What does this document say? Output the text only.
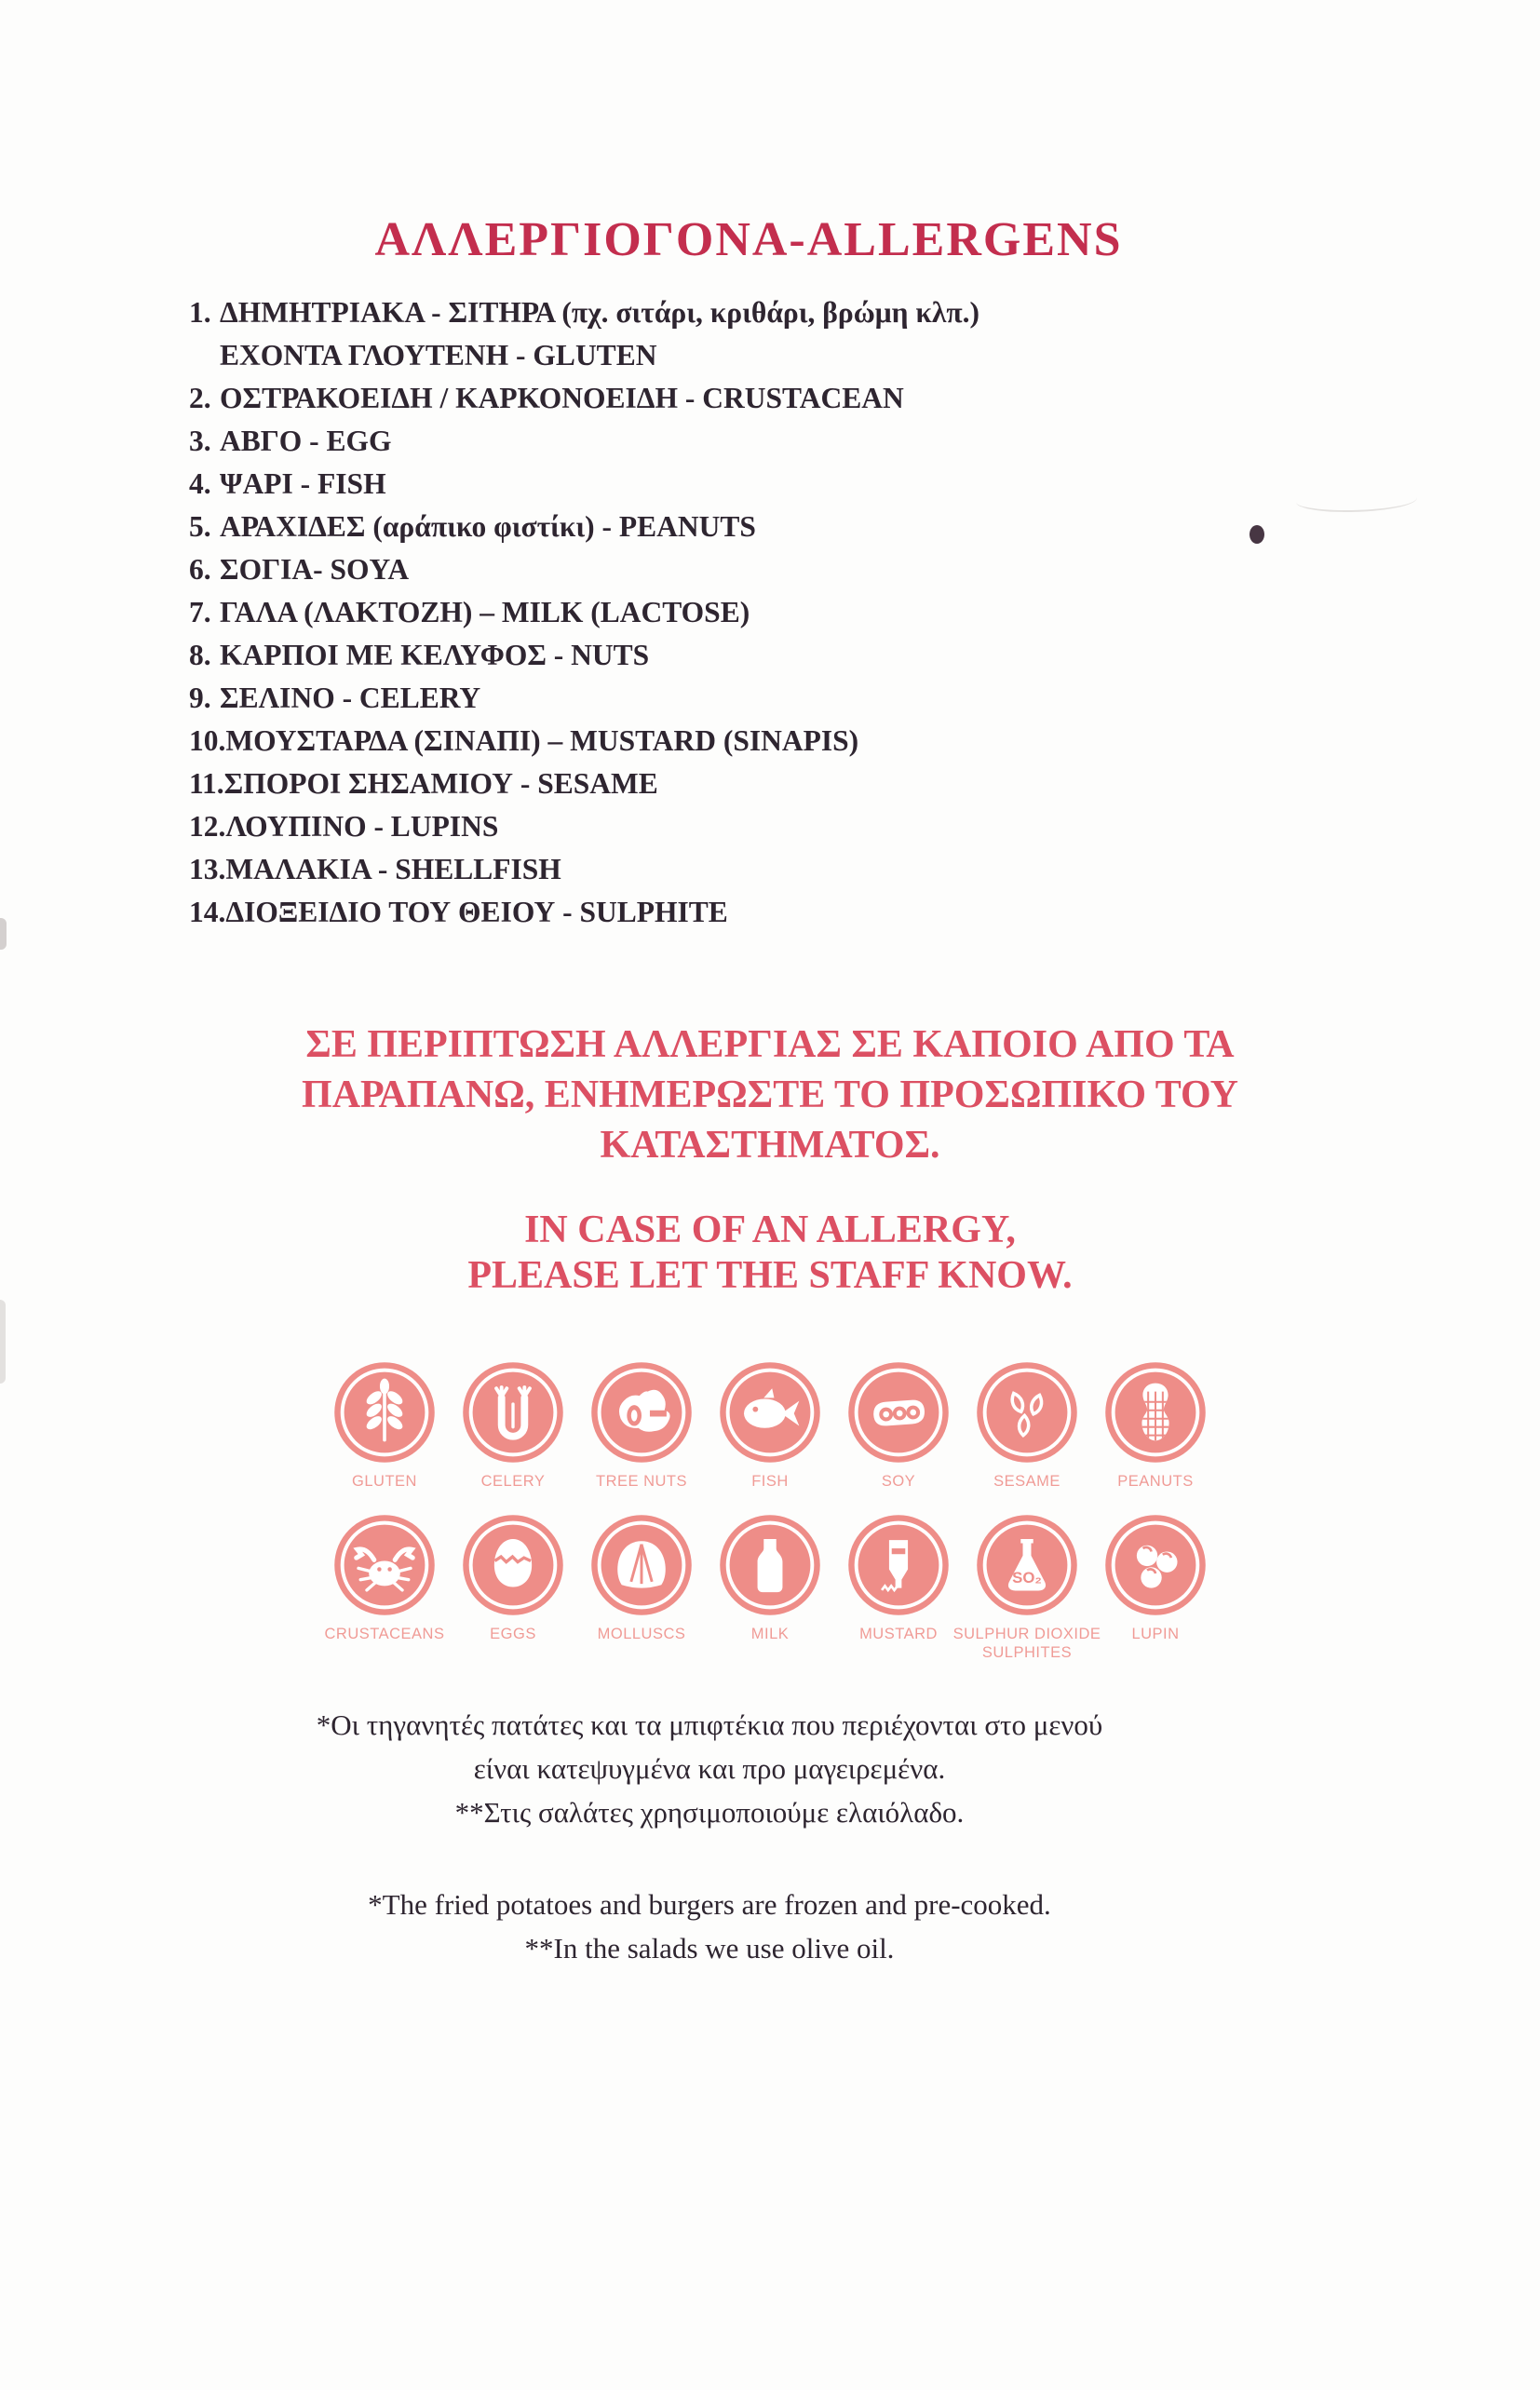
ΑΛΛΕΡΓΙΟΓΟΝΑ-ALLERGENS
1. ΔΗΜΗΤΡΙΑΚΑ - ΣΙΤΗΡΑ (πχ. σιτάρι, κριθάρι, βρώμη κλπ.)
ΕΧΟΝΤΑ ΓΛΟΥΤΕΝΗ - GLUTEN
2. ΟΣΤΡΑΚΟΕΙΔΗ / ΚΑΡΚΟΝΟΕΙΔΗ - CRUSTACEAN
3. ΑΒΓΟ - EGG
4. ΨΑΡΙ - FISH
5. ΑΡΑΧΙΔΕΣ (αράπικο φιστίκι) - PEANUTS
6. ΣΟΓΙΑ- SOYA
7. ΓΑΛΑ (ΛΑΚΤΟΖΗ) – MILK (LACTOSE)
8. ΚΑΡΠΟΙ ΜΕ ΚΕΛΥΦΟΣ - NUTS
9. ΣΕΛΙΝΟ - CELERY
10.ΜΟΥΣΤΑΡΔΑ (ΣΙΝΑΠΙ) – MUSTARD (SINAPIS)
11.ΣΠΟΡΟΙ ΣΗΣΑΜΙΟΥ - SESAME
12.ΛΟΥΠΙΝΟ - LUPINS
13.ΜΑΛΑΚΙΑ - SHELLFISH
14.ΔΙΟΞΕΙΔΙΟ ΤΟΥ ΘΕΙΟΥ - SULPHITE
ΣΕ ΠΕΡΙΠΤΩΣΗ ΑΛΛΕΡΓΙΑΣ ΣΕ ΚΑΠΟΙΟ ΑΠΟ ΤΑ
ΠΑΡΑΠΑΝΩ, ΕΝΗΜΕΡΩΣΤΕ ΤΟ ΠΡΟΣΩΠΙΚΟ ΤΟΥ
ΚΑΤΑΣΤΗΜΑΤΟΣ.
IN CASE OF AN ALLERGY,
PLEASE LET THE STAFF KNOW.
GLUTEN	CELERY	TREE NUTS	FISH	SOY	SESAME	PEANUTS
CRUSTACEANS	EGGS	MOLLUSCS	MILK	MUSTARD
SO₂
SULPHUR DIOXIDE
SULPHITES
LUPIN
*Οι τηγανητές πατάτες και τα μπιφτέκια που περιέχονται στο μενού
είναι κατεψυγμένα και προ μαγειρεμένα.
**Στις σαλάτες χρησιμοποιούμε ελαιόλαδο.
*The fried potatoes and burgers are frozen and pre-cooked.
**In the salads we use olive oil.
